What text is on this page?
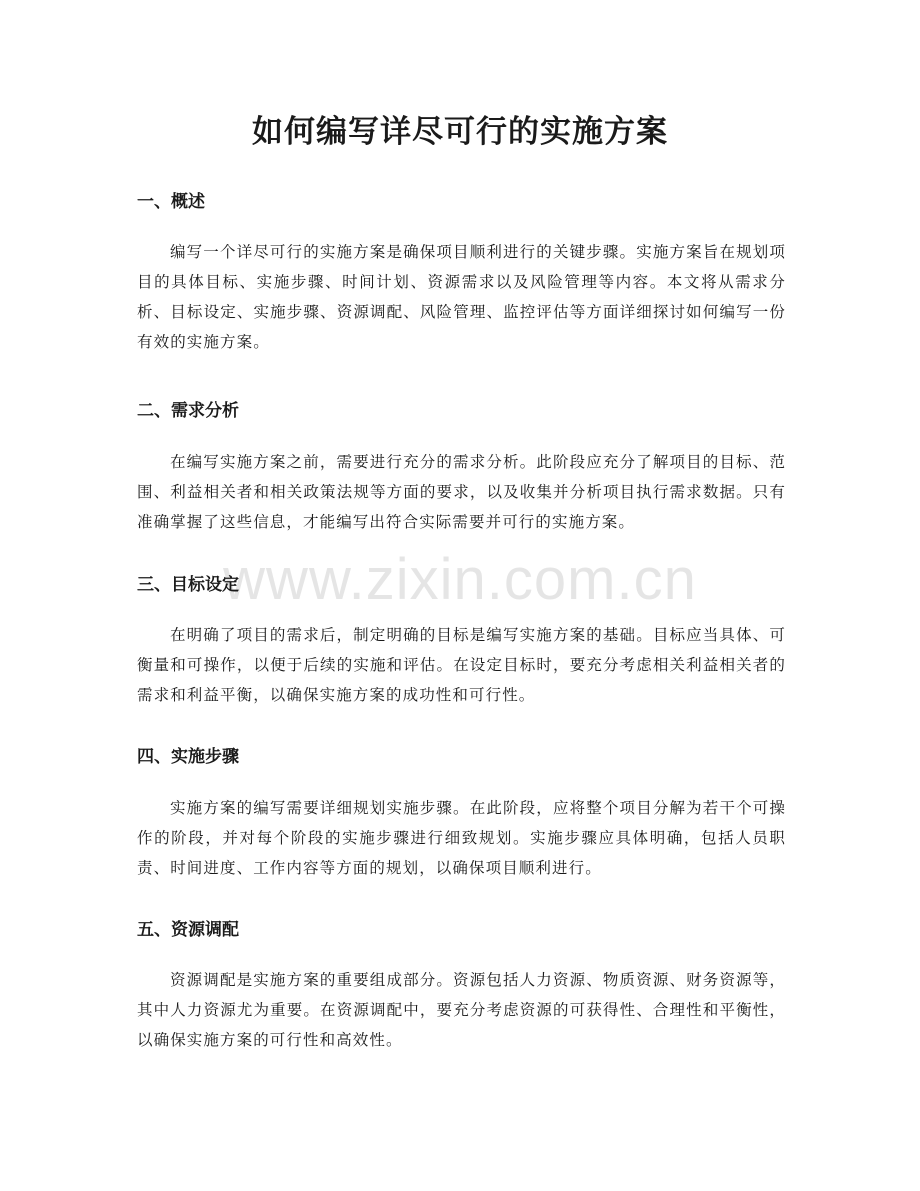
如何编写详尽可行的实施方案
www.zixin.com.cn
一、概述

编写一个详尽可行的实施方案是确保项目顺利进行的关键步骤。实施方案旨在规划项目的具体目标、实施步骤、时间计划、资源需求以及风险管理等内容。本文将从需求分析、目标设定、实施步骤、资源调配、风险管理、监控评估等方面详细探讨如何编写一份有效的实施方案。

二、需求分析

在编写实施方案之前，需要进行充分的需求分析。此阶段应充分了解项目的目标、范围、利益相关者和相关政策法规等方面的要求，以及收集并分析项目执行需求数据。只有准确掌握了这些信息，才能编写出符合实际需要并可行的实施方案。

三、目标设定

在明确了项目的需求后，制定明确的目标是编写实施方案的基础。目标应当具体、可衡量和可操作，以便于后续的实施和评估。在设定目标时，要充分考虑相关利益相关者的需求和利益平衡，以确保实施方案的成功性和可行性。

四、实施步骤

实施方案的编写需要详细规划实施步骤。在此阶段，应将整个项目分解为若干个可操作的阶段，并对每个阶段的实施步骤进行细致规划。实施步骤应具体明确，包括人员职责、时间进度、工作内容等方面的规划，以确保项目顺利进行。

五、资源调配

资源调配是实施方案的重要组成部分。资源包括人力资源、物质资源、财务资源等，其中人力资源尤为重要。在资源调配中，要充分考虑资源的可获得性、合理性和平衡性，以确保实施方案的可行性和高效性。
